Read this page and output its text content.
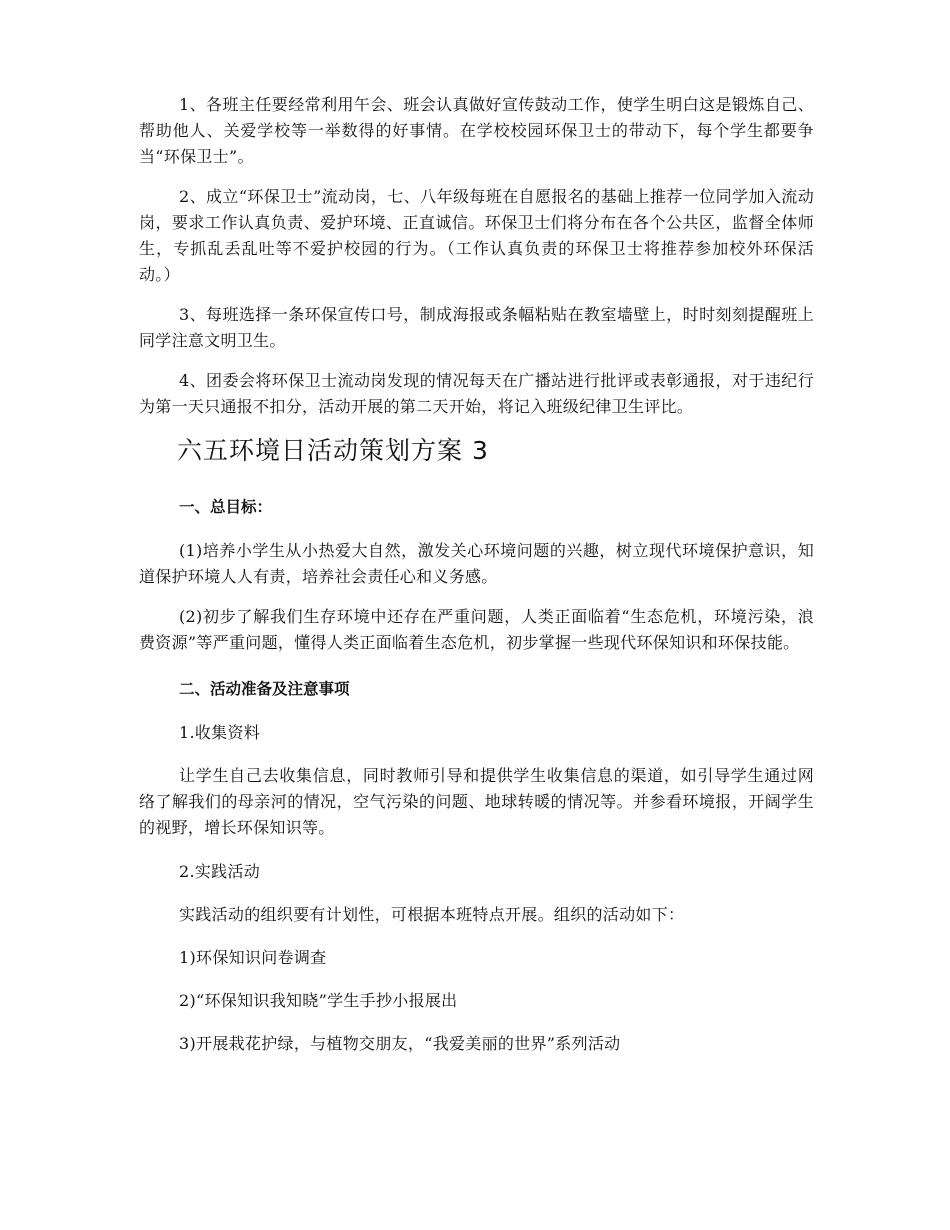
1、各班主任要经常利用午会、班会认真做好宣传鼓动工作，使学生明白这是锻炼自己、帮助他人、关爱学校等一举数得的好事情。在学校校园环保卫士的带动下，每个学生都要争当“环保卫士”。

2、成立“环保卫士”流动岗，七、八年级每班在自愿报名的基础上推荐一位同学加入流动岗，要求工作认真负责、爱护环境、正直诚信。环保卫士们将分布在各个公共区，监督全体师生，专抓乱丢乱吐等不爱护校园的行为。（工作认真负责的环保卫士将推荐参加校外环保活动。）

3、每班选择一条环保宣传口号，制成海报或条幅粘贴在教室墙壁上，时时刻刻提醒班上同学注意文明卫生。

4、团委会将环保卫士流动岗发现的情况每天在广播站进行批评或表彰通报，对于违纪行为第一天只通报不扣分，活动开展的第二天开始，将记入班级纪律卫生评比。

六五环境日活动策划方案 3
一、总目标：

(1)培养小学生从小热爱大自然，激发关心环境问题的兴趣，树立现代环境保护意识，知道保护环境人人有责，培养社会责任心和义务感。

(2)初步了解我们生存环境中还存在严重问题，人类正面临着“生态危机，环境污染，浪费资源”等严重问题，懂得人类正面临着生态危机，初步掌握一些现代环保知识和环保技能。

二、活动准备及注意事项
1.收集资料

让学生自己去收集信息，同时教师引导和提供学生收集信息的渠道，如引导学生通过网络了解我们的母亲河的情况，空气污染的问题、地球转暖的情况等。并参看环境报，开阔学生的视野，增长环保知识等。

2.实践活动
实践活动的组织要有计划性，可根据本班特点开展。组织的活动如下：
1)环保知识问卷调查
2)“环保知识我知晓”学生手抄小报展出
3)开展栽花护绿，与植物交朋友，“我爱美丽的世界”系列活动
